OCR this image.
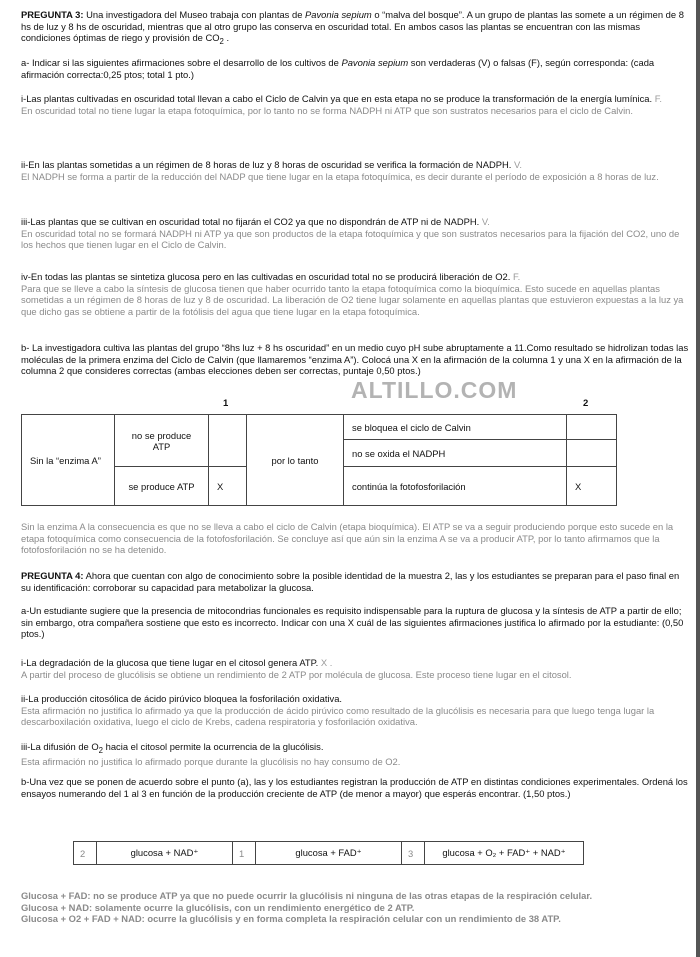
PREGUNTA 3: Una investigadora del Museo trabaja con plantas de Pavonia sepium o “malva del bosque”. A un grupo de plantas las somete a un régimen de 8 hs de luz y 8 hs de oscuridad, mientras que al otro grupo las conserva en oscuridad total. En ambos casos las plantas se encuentran con las mismas condiciones óptimas de riego y provisión de $CO_2$ .
a- Indicar si las siguientes afirmaciones sobre el desarrollo de los cultivos de Pavonia sepium son verdaderas (V) o falsas (F), según corresponda: (cada afirmación correcta:0,25 ptos; total 1 pto.)
i-Las plantas cultivadas en oscuridad total llevan a cabo el Ciclo de Calvin ya que en esta etapa no se produce la transformación de la energía lumínica. F.
En oscuridad total no tiene lugar la etapa fotoquímica, por lo tanto no se forma NADPH ni ATP que son sustratos necesarios para el ciclo de Calvin.
ii-En las plantas sometidas a un régimen de 8 horas de luz y 8 horas de oscuridad se verifica la formación de NADPH. V.
El NADPH se forma a partir de la reducción del NADP que tiene lugar en la etapa fotoquímica, es decir durante el período de exposición a 8 horas de luz.
iii-Las plantas que se cultivan en oscuridad total no fijarán el CO2 ya que no dispondrán de ATP ni de NADPH. V.
En oscuridad total no se formará NADPH ni ATP ya que son productos de la etapa fotoquímica y que son sustratos necesarios para la fijación del CO2, uno de los hechos que tienen lugar en el Ciclo de Calvin.
iv-En todas las plantas se sintetiza glucosa pero en las cultivadas en oscuridad total no se producirá liberación de O2. F.
Para que se lleve a cabo la síntesis de glucosa tienen que haber ocurrido tanto la etapa fotoquímica como la bioquímica. Esto sucede en aquellas plantas sometidas a un régimen de 8 horas de luz y 8 de oscuridad. La liberación de O2 tiene lugar solamente en aquellas plantas que estuvieron expuestas a la luz ya que dicho gas se obtiene a partir de la fotólisis del agua que tiene lugar en la etapa fotoquímica.
b- La investigadora cultiva las plantas del grupo “8hs luz + 8 hs oscuridad” en un medio cuyo pH sube abruptamente a 11.Como resultado se hidrolizan todas las moléculas de la primera enzima del Ciclo de Calvin (que llamaremos “enzima A”). Colocá una X en la afirmación de la columna 1 y una X en la afirmación de la columna 2 que consideres correctas (ambas elecciones deben ser correctas, puntaje 0,50 ptos.)
ALTILLO.COM
1	2
Sin la “enzima A”	no se produce ATP		por lo tanto	se bloquea el ciclo de Calvin	
				no se oxida el NADPH	
	se produce ATP	X		continúa la fotofosforilación	X
Sin la enzima A la consecuencia es que no se lleva a cabo el ciclo de Calvin (etapa bioquímica). El ATP se va a seguir produciendo porque esto sucede en la etapa fotoquímica como consecuencia de la fotofosforilación. Se concluye así que aún sin la enzima A se va a producir ATP, por lo tanto afirmamos que la fotofosforilación no se ha detenido.
PREGUNTA 4: Ahora que cuentan con algo de conocimiento sobre la posible identidad de la muestra 2, las y los estudiantes se preparan para el paso final en su identificación: corroborar su capacidad para metabolizar la glucosa.
a-Un estudiante sugiere que la presencia de mitocondrias funcionales es requisito indispensable para la ruptura de glucosa y la síntesis de ATP a partir de ello; sin embargo, otra compañera sostiene que esto es incorrecto. Indicar con una X cuál de las siguientes afirmaciones justifica lo afirmado por la estudiante: (0,50 ptos.)
i-La degradación de la glucosa que tiene lugar en el citosol genera ATP. X .
A partir del proceso de glucólisis se obtiene un rendimiento de 2 ATP por molécula de glucosa. Este proceso tiene lugar en el citosol.
ii-La producción citosólica de ácido pirúvico bloquea la fosforilación oxidativa.
Esta afirmación no justifica lo afirmado ya que la producción de ácido pirúvico como resultado de la glucólisis es necesaria para que luego tenga lugar la descarboxilación oxidativa, luego el ciclo de Krebs, cadena respiratoria y fosforilación oxidativa.
iii-La difusión de $O_2$ hacia el citosol permite la ocurrencia de la glucólisis.
Esta afirmación no justifica lo afirmado porque durante la glucólisis no hay consumo de O2.
b-Una vez que se ponen de acuerdo sobre el punto (a), las y los estudiantes registran la producción de ATP en distintas condiciones experimentales. Ordená los ensayos numerando del 1 al 3 en función de la producción creciente de ATP (de menor a mayor) que esperás encontrar. (1,50 ptos.)
2	glucosa + NAD⁺	1	glucosa + FAD⁺	3	glucosa + O₂ + FAD⁺ + NAD⁺
Glucosa + FAD: no se produce ATP ya que no puede ocurrir la glucólisis ni ninguna de las otras etapas de la respiración celular.
Glucosa + NAD: solamente ocurre la glucólisis, con un rendimiento energético de 2 ATP.
Glucosa + O2 + FAD + NAD: ocurre la glucólisis y en forma completa la respiración celular con un rendimiento de 38 ATP.
